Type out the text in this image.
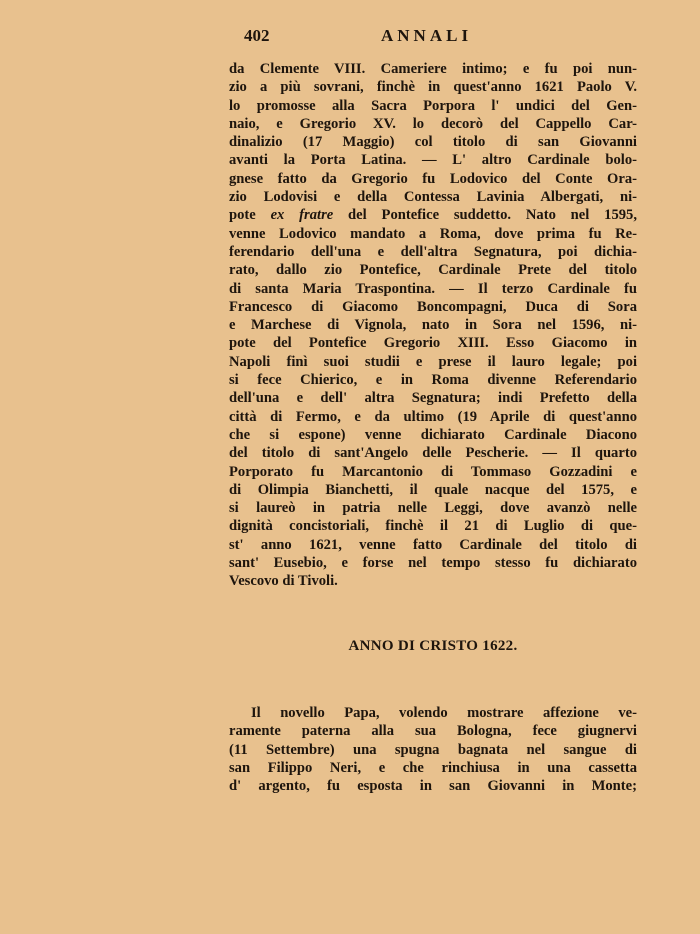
402	ANNALI
da Clemente VIII. Cameriere intimo; e fu poi nun-
zio a più sovrani, finchè in quest'anno 1621 Paolo V.
lo promosse alla Sacra Porpora l' undici del Gen-
naio, e Gregorio XV. lo decorò del Cappello Car-
dinalizio (17 Maggio) col titolo di san Giovanni
avanti la Porta Latina. — L' altro Cardinale bolo-
gnese fatto da Gregorio fu Lodovico del Conte Ora-
zio Lodovisi e della Contessa Lavinia Albergati, ni-
pote ex fratre del Pontefice suddetto. Nato nel 1595,
venne Lodovico mandato a Roma, dove prima fu Re-
ferendario dell'una e dell'altra Segnatura, poi dichia-
rato, dallo zio Pontefice, Cardinale Prete del titolo
di santa Maria Traspontina. — Il terzo Cardinale fu
Francesco di Giacomo Boncompagni, Duca di Sora
e Marchese di Vignola, nato in Sora nel 1596, ni-
pote del Pontefice Gregorio XIII. Esso Giacomo in
Napoli finì suoi studii e prese il lauro legale; poi
si fece Chierico, e in Roma divenne Referendario
dell'una e dell' altra Segnatura; indi Prefetto della
città di Fermo, e da ultimo (19 Aprile di quest'anno
che si espone) venne dichiarato Cardinale Diacono
del titolo di sant'Angelo delle Pescherie. — Il quarto
Porporato fu Marcantonio di Tommaso Gozzadini e
di Olimpia Bianchetti, il quale nacque del 1575, e
si laureò in patria nelle Leggi, dove avanzò nelle
dignità concistoriali, finchè il 21 di Luglio di que-
st' anno 1621, venne fatto Cardinale del titolo di
sant' Eusebio, e forse nel tempo stesso fu dichiarato
Vescovo di Tivoli.
ANNO DI CRISTO 1622.
Il novello Papa, volendo mostrare affezione ve-
ramente paterna alla sua Bologna, fece giugnervi
(11 Settembre) una spugna bagnata nel sangue di
san Filippo Neri, e che rinchiusa in una cassetta
d' argento, fu esposta in san Giovanni in Monte;
